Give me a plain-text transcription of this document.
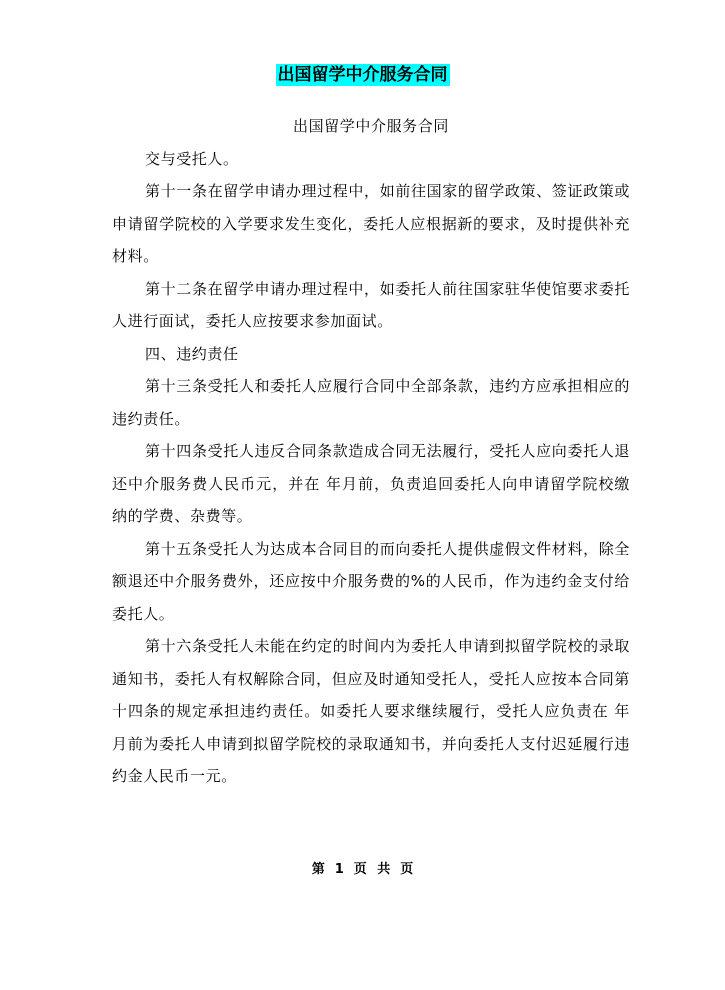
出国留学中介服务合同

出国留学中介服务合同

交与受托人。

第十一条在留学申请办理过程中，如前往国家的留学政策、签证政策或申请留学院校的入学要求发生变化，委托人应根据新的要求，及时提供补充材料。

第十二条在留学申请办理过程中，如委托人前往国家驻华使馆要求委托人进行面试，委托人应按要求参加面试。

四、违约责任

第十三条受托人和委托人应履行合同中全部条款，违约方应承担相应的违约责任。

第十四条受托人违反合同条款造成合同无法履行，受托人应向委托人退还中介服务费人民币元，并在 年月前，负责追回委托人向申请留学院校缴纳的学费、杂费等。

第十五条受托人为达成本合同目的而向委托人提供虚假文件材料，除全额退还中介服务费外，还应按中介服务费的%的人民币，作为违约金支付给委托人。

第十六条受托人未能在约定的时间内为委托人申请到拟留学院校的录取通知书，委托人有权解除合同，但应及时通知受托人，受托人应按本合同第十四条的规定承担违约责任。如委托人要求继续履行，受托人应负责在 年月前为委托人申请到拟留学院校的录取通知书，并向委托人支付迟延履行违约金人民币一元。

第 1 页 共 页
